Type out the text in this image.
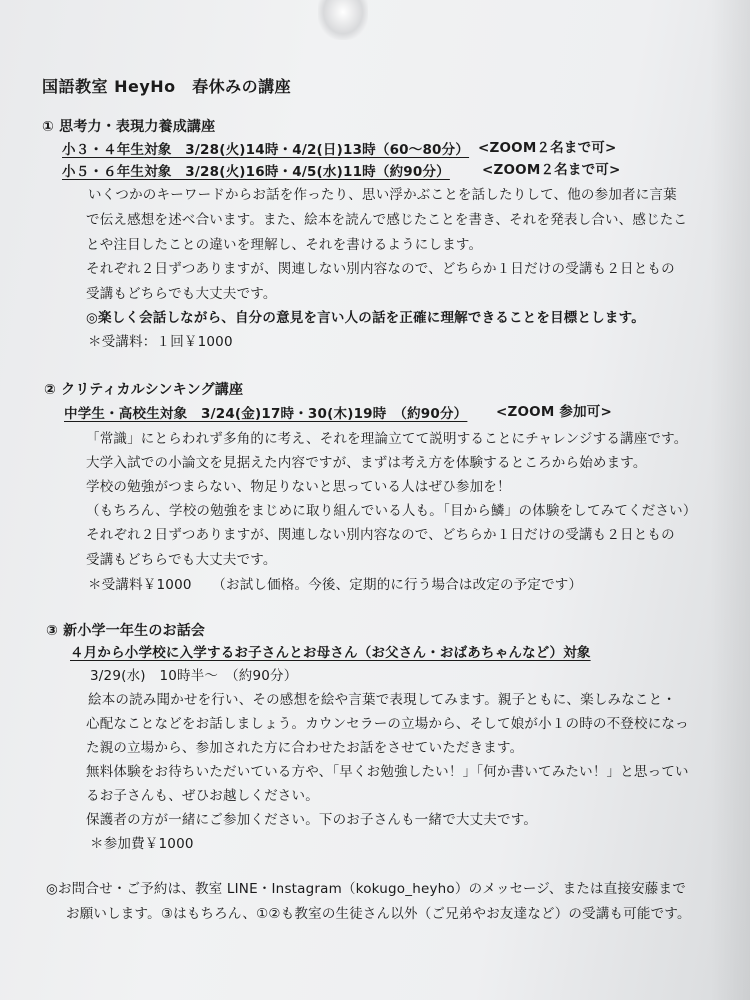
国語教室 HeyHo　春休みの講座
① 思考力・表現力養成講座
小３・４年生対象　3/28(火)14時・4/2(日)13時（60～80分） <ZOOM２名まで可>
小５・６年生対象　3/28(火)16時・4/5(水)11時（約90分） <ZOOM２名まで可>
いくつかのキーワードからお話を作ったり、思い浮かぶことを話したりして、他の参加者に言葉
で伝え感想を述べ合います。また、絵本を読んで感じたことを書き、それを発表し合い、感じたこ
とや注目したことの違いを理解し、それを書けるようにします。
それぞれ２日ずつありますが、関連しない別内容なので、どちらか１日だけの受講も２日ともの
受講もどちらでも大丈夫です。
◎楽しく会話しながら、自分の意見を言い人の話を正確に理解できることを目標とします。
＊受講料：１回￥1000
② クリティカルシンキング講座
中学生・高校生対象　3/24(金)17時・30(木)19時　（約90分） <ZOOM 参加可>
「常識」にとらわれず多角的に考え、それを理論立てて説明することにチャレンジする講座です。
大学入試での小論文を見据えた内容ですが、まずは考え方を体験するところから始めます。
学校の勉強がつまらない、物足りないと思っている人はぜひ参加を！
（もちろん、学校の勉強をまじめに取り組んでいる人も。「目から鱗」の体験をしてみてください）
それぞれ２日ずつありますが、関連しない別内容なので、どちらか１日だけの受講も２日ともの
受講もどちらでも大丈夫です。
＊受講料￥1000　　（お試し価格。今後、定期的に行う場合は改定の予定です）
③ 新小学一年生のお話会
４月から小学校に入学するお子さんとお母さん（お父さん・おばあちゃんなど）対象
3/29(水)　10時半～　（約90分）
絵本の読み聞かせを行い、その感想を絵や言葉で表現してみます。親子ともに、楽しみなこと・
心配なことなどをお話しましょう。カウンセラーの立場から、そして娘が小１の時の不登校になっ
た親の立場から、参加された方に合わせたお話をさせていただきます。
無料体験をお待ちいただいている方や、「早くお勉強したい！」「何か書いてみたい！」と思ってい
るお子さんも、ぜひお越しください。
保護者の方が一緒にご参加ください。下のお子さんも一緒で大丈夫です。
＊参加費￥1000
◎お問合せ・ご予約は、教室 LINE・Instagram（kokugo_heyho）のメッセージ、または直接安藤まで
お願いします。③はもちろん、①②も教室の生徒さん以外（ご兄弟やお友達など）の受講も可能です。
